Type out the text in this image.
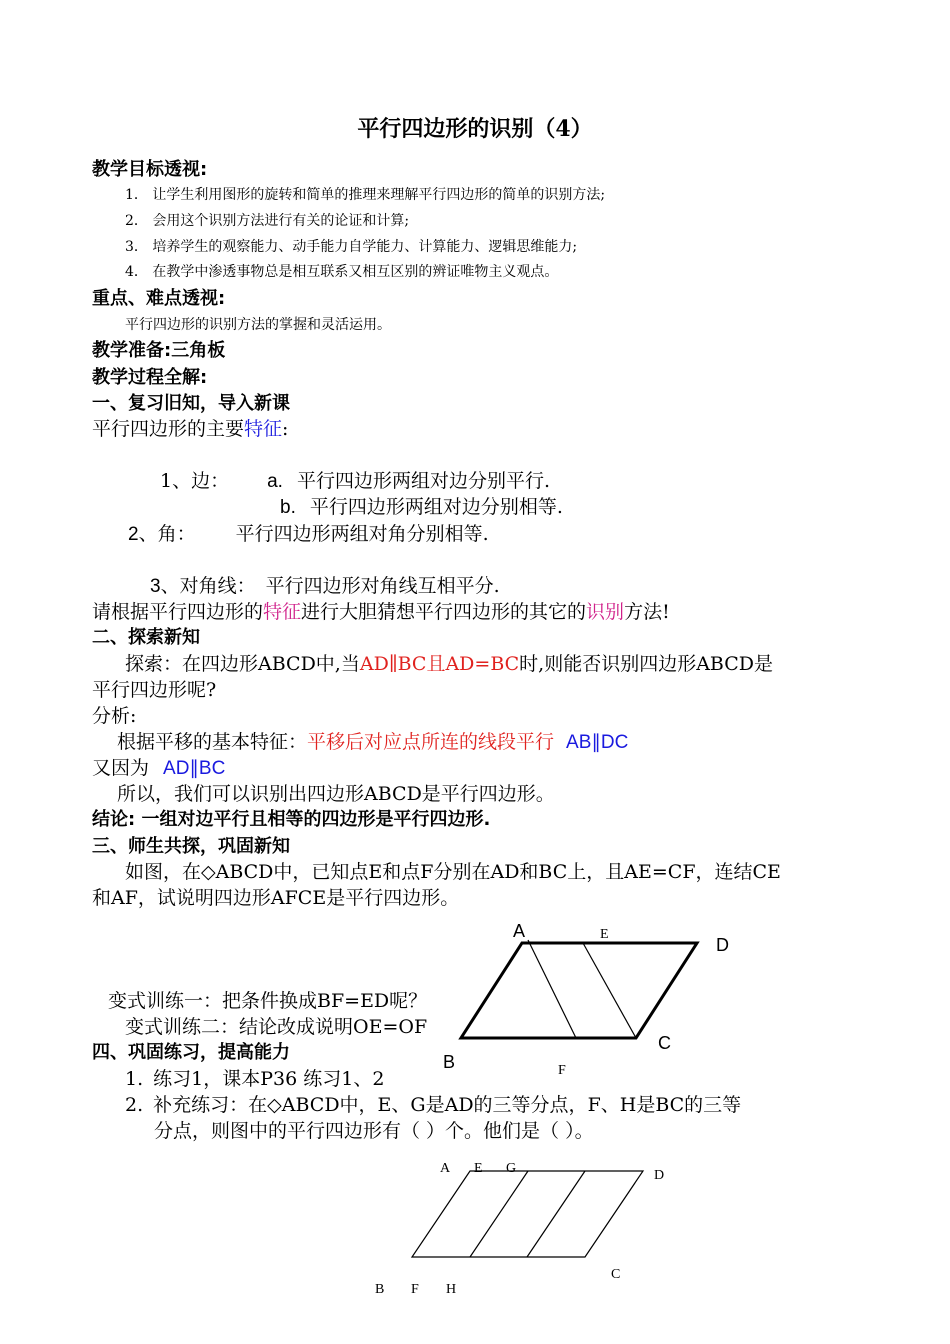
平行四边形的识别（4）
教学目标透视:
1． 让学生利用图形的旋转和简单的推理来理解平行四边形的简单的识别方法;
2． 会用这个识别方法进行有关的论证和计算;
3． 培养学生的观察能力、动手能力自学能力、计算能力、逻辑思维能力;
4． 在教学中渗透事物总是相互联系又相互区别的辨证唯物主义观点。
重点、难点透视:
平行四边形的识别方法的掌握和灵活运用。
教学准备:三角板
教学过程全解:
一、复习旧知，导入新课
平行四边形的主要特征:
1、边： a. 平行四边形两组对边分别平行.
b. 平行四边形两组对边分别相等.
2、角： 平行四边形两组对角分别相等.
3、对角线： 平行四边形对角线互相平分.
请根据平行四边形的特征进行大胆猜想平行四边形的其它的识别方法!
二、探索新知
探索：在四边形ABCD中,当AD∥BC且AD=BC时,则能否识别四边形ABCD是
平行四边形呢?
分析:
根据平移的基本特征：平移后对应点所连的线段平行 AB∥DC
又因为 AD∥BC
所以，我们可以识别出四边形ABCD是平行四边形。
结论: 一组对边平行且相等的四边形是平行四边形.
三、师生共探，巩固新知
如图，在◇ABCD中，已知点E和点F分别在AD和BC上，且AE=CF，连结CE
和AF，试说明四边形AFCE是平行四边形。
A	E
D
B	F
C
变式训练一：把条件换成BF=ED呢？
变式训练二：结论改成说明OE=OF
四、巩固练习，提高能力
1. 练习1，课本P36 练习1、2
2. 补充练习：在◇ABCD中，E、G是AD的三等分点，F、H是BC的三等
分点，则图中的平行四边形有（ ）个。他们是（ ）。
A E G	D
B F H
C
